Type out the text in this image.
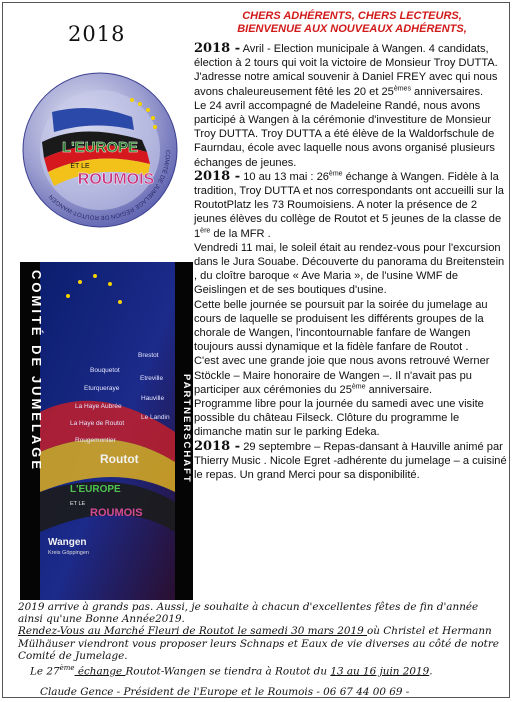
2018
CHERS ADHÉRENTS, CHERS LECTEURS,
BIENVENUE AUX NOUVEAUX ADHÉRENTS,
L'EUROPE
ET LE
ROUMOIS
COMITÉ DE JUMELAGE RÉGION DE ROUTOT-WANGEN
Brestot
Bouquetot
Etreville
Eturqueraye
Hauville
La Haye Aubrée
Le Landin
La Haye de Routot
Rougemontier
Routot
L'EUROPE
ET LE
ROUMOIS
Wangen
Kreis Göppingen
COMITÉ DE JUMELAGE	PARTNERSCHAFT

2018 - Avril - Election municipale à Wangen. 4 candidats, élection à 2 tours qui voit la victoire de Monsieur Troy DUTTA.

J'adresse notre amical souvenir à Daniel FREY avec qui nous avons chaleureusement fêté les 20 et 25èmes anniversaires.

Le 24 avril accompagné de Madeleine Randé, nous avons participé à Wangen à la cérémonie d'investiture de Monsieur Troy DUTTA. Troy DUTTA a été élève de la Waldorfschule de Faurndau, école avec laquelle nous avons organisé plusieurs échanges de jeunes.

2018 - 10 au 13 mai : 26ème échange à Wangen. Fidèle à la tradition, Troy DUTTA et nos correspondants ont accueilli sur la RoutotPlatz les 73 Roumoisiens. A noter la présence de 2 jeunes élèves du collège de Routot et 5 jeunes de la classe de 1ère de la MFR .

Vendredi 11 mai, le soleil était au rendez-vous pour l'excursion dans le Jura Souabe. Découverte du panorama du Breitenstein , du cloître baroque « Ave Maria », de l'usine WMF de Geislingen et de ses boutiques d'usine.

Cette belle journée se poursuit par la soirée du jumelage au cours de laquelle se produisent les différents groupes de la chorale de Wangen, l'incontournable fanfare de Wangen toujours aussi dynamique et la fidèle fanfare de Routot .

C'est avec une grande joie que nous avons retrouvé Werner Stöckle – Maire honoraire de Wangen –. Il n'avait pas pu participer aux cérémonies du 25ème anniversaire.

Programme libre pour la journée du samedi avec une visite possible du château Filseck. Clôture du programme le dimanche matin sur le parking Edeka.

2018 - 29 septembre – Repas-dansant à Hauville animé par Thierry Music . Nicole Egret -adhérente du jumelage – a cuisiné le repas. Un grand Merci pour sa disponibilité.

2019 arrive à grands pas. Aussi, je souhaite à chacun d'excellentes fêtes de fin d'année ainsi qu'une Bonne Année2019.

Rendez-Vous au Marché Fleuri de Routot le samedi 30 mars 2019 où Christel et Hermann Mülhäuser viendront vous proposer leurs Schnaps et Eaux de vie diverses au côté de notre Comité de Jumelage.

Le 27ème échange Routot-Wangen se tiendra à Routot du 13 au 16 juin 2019.

Claude Gence - Président de l'Europe et le Roumois - 06 67 44 00 69 -
